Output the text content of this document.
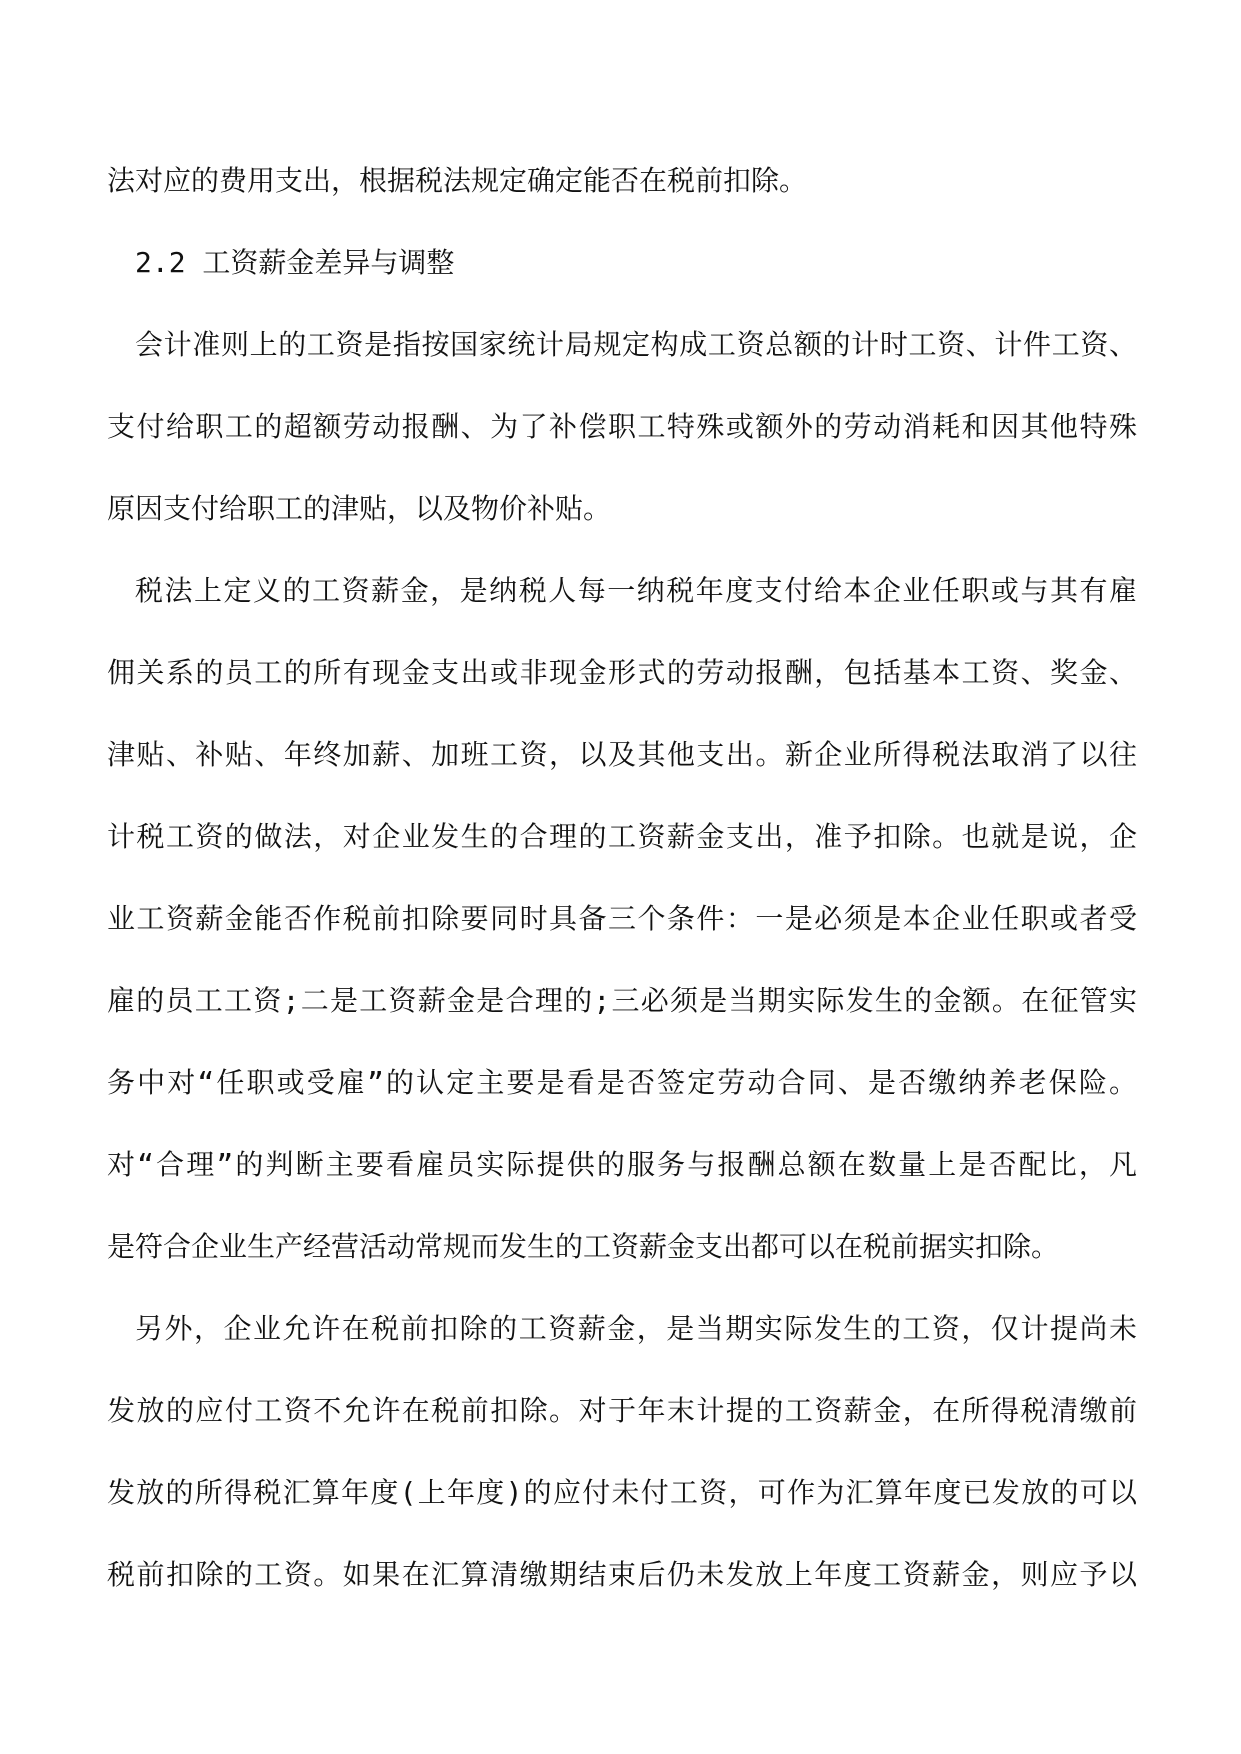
法对应的费用支出，根据税法规定确定能否在税前扣除。
2.2 工资薪金差异与调整
会计准则上的工资是指按国家统计局规定构成工资总额的计时工资、计件工资、
支付给职工的超额劳动报酬、为了补偿职工特殊或额外的劳动消耗和因其他特殊
原因支付给职工的津贴，以及物价补贴。
税法上定义的工资薪金，是纳税人每一纳税年度支付给本企业任职或与其有雇
佣关系的员工的所有现金支出或非现金形式的劳动报酬，包括基本工资、奖金、
津贴、补贴、年终加薪、加班工资，以及其他支出。新企业所得税法取消了以往
计税工资的做法，对企业发生的合理的工资薪金支出，准予扣除。也就是说，企
业工资薪金能否作税前扣除要同时具备三个条件：一是必须是本企业任职或者受
雇的员工工资;二是工资薪金是合理的;三必须是当期实际发生的金额。在征管实
务中对“任职或受雇”的认定主要是看是否签定劳动合同、是否缴纳养老保险。
对“合理”的判断主要看雇员实际提供的服务与报酬总额在数量上是否配比，凡
是符合企业生产经营活动常规而发生的工资薪金支出都可以在税前据实扣除。
另外，企业允许在税前扣除的工资薪金，是当期实际发生的工资，仅计提尚未
发放的应付工资不允许在税前扣除。对于年末计提的工资薪金，在所得税清缴前
发放的所得税汇算年度(上年度)的应付未付工资，可作为汇算年度已发放的可以
税前扣除的工资。如果在汇算清缴期结束后仍未发放上年度工资薪金，则应予以
